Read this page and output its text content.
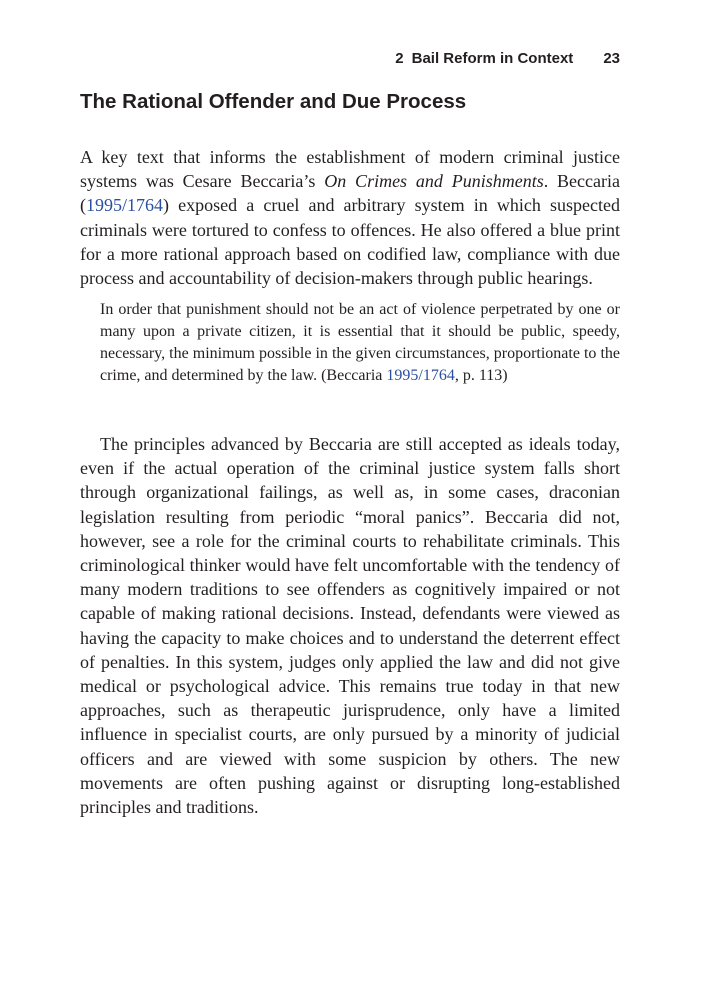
2 Bail Reform in Context 23
The Rational Offender and Due Process

A key text that informs the establishment of modern criminal justice systems was Cesare Beccaria’s On Crimes and Punishments. Beccaria (1995/1764) exposed a cruel and arbitrary system in which suspected criminals were tortured to confess to offences. He also offered a blue print for a more rational approach based on codified law, compliance with due process and accountability of decision-makers through public hearings.

In order that punishment should not be an act of violence perpetrated by one or many upon a private citizen, it is essential that it should be public, speedy, necessary, the minimum possible in the given circumstances, proportionate to the crime, and determined by the law. (Beccaria 1995/1764, p. 113)

The principles advanced by Beccaria are still accepted as ideals today, even if the actual operation of the criminal justice system falls short through organizational failings, as well as, in some cases, draconian legislation resulting from periodic “moral panics”. Beccaria did not, however, see a role for the criminal courts to rehabilitate criminals. This criminological thinker would have felt uncomfortable with the tendency of many modern traditions to see offenders as cognitively impaired or not capable of making rational decisions. Instead, defendants were viewed as having the capacity to make choices and to understand the deterrent effect of penalties. In this system, judges only applied the law and did not give medical or psychological advice. This remains true today in that new approaches, such as therapeutic jurisprudence, only have a limited influence in specialist courts, are only pursued by a minority of judicial officers and are viewed with some suspicion by others. The new movements are often pushing against or disrupting long-established principles and traditions.
